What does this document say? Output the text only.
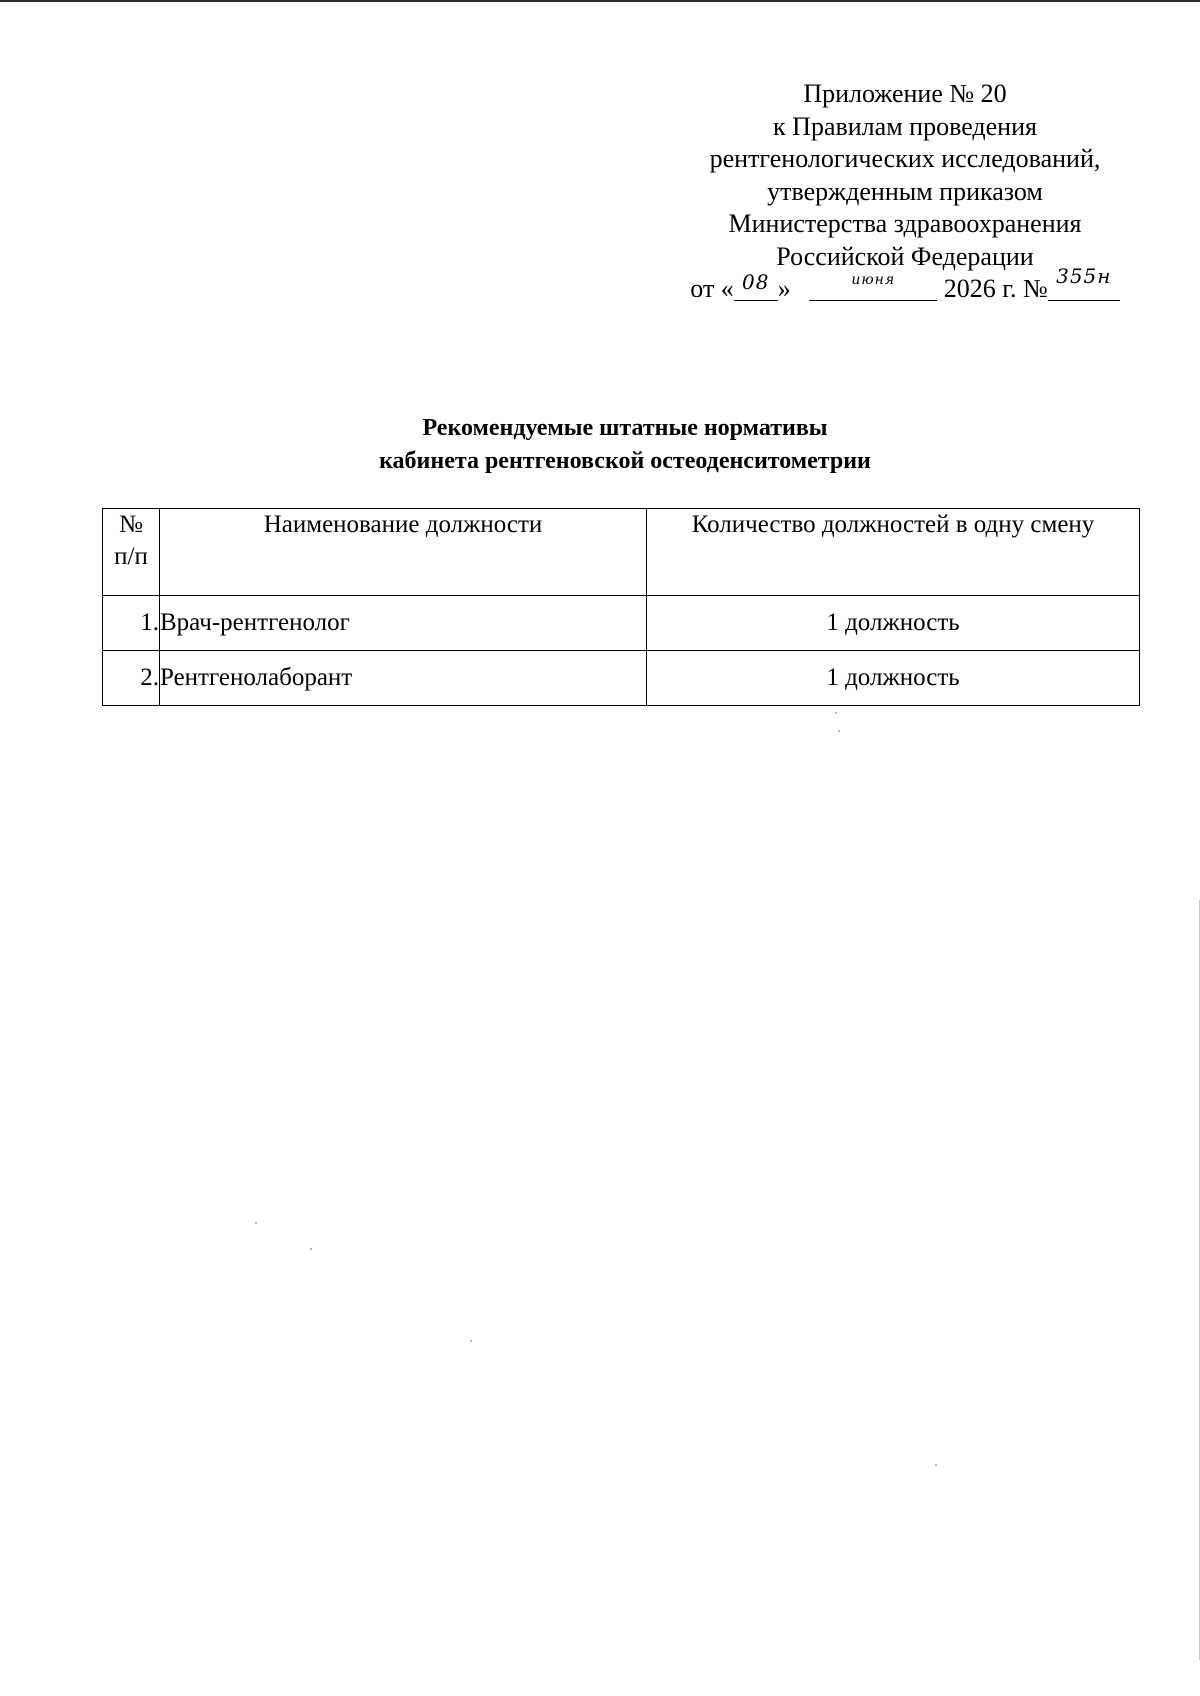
Приложение № 20
к Правилам проведения
рентгенологических исследований,
утвержденным приказом
Министерства здравоохранения
Российской Федерации
от « 08 »	июня	2026 г. № 355н
Рекомендуемые штатные нормативы
кабинета рентгеновской остеоденситометрии
№
п/п	Наименование должности	Количество должностей в одну смену
1.	Врач-рентгенолог	1 должность
2.	Рентгенолаборант	1 должность
